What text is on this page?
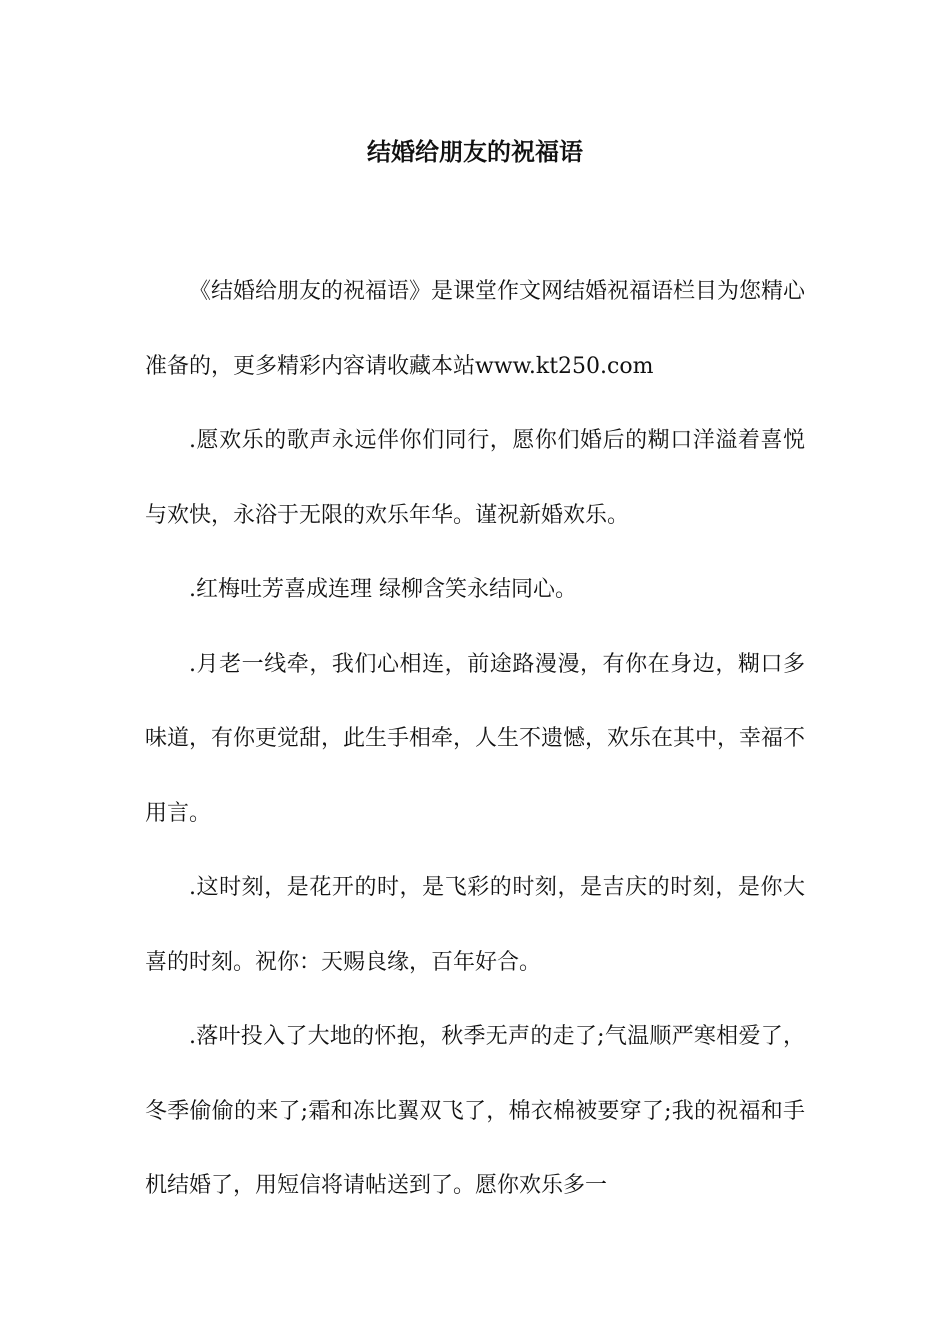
结婚给朋友的祝福语

《结婚给朋友的祝福语》是课堂作文网结婚祝福语栏目为您精心准备的，更多精彩内容请收藏本站www.kt250.com

.愿欢乐的歌声永远伴你们同行，愿你们婚后的糊口洋溢着喜悦与欢快，永浴于无限的欢乐年华。谨祝新婚欢乐。

.红梅吐芳喜成连理 绿柳含笑永结同心。

.月老一线牵，我们心相连，前途路漫漫，有你在身边，糊口多味道，有你更觉甜，此生手相牵，人生不遗憾，欢乐在其中，幸福不用言。

.这时刻，是花开的时，是飞彩的时刻，是吉庆的时刻，是你大喜的时刻。祝你：天赐良缘，百年好合。

.落叶投入了大地的怀抱，秋季无声的走了;气温顺严寒相爱了，冬季偷偷的来了;霜和冻比翼双飞了，棉衣棉被要穿了;我的祝福和手机结婚了，用短信将请帖送到了。愿你欢乐多一
